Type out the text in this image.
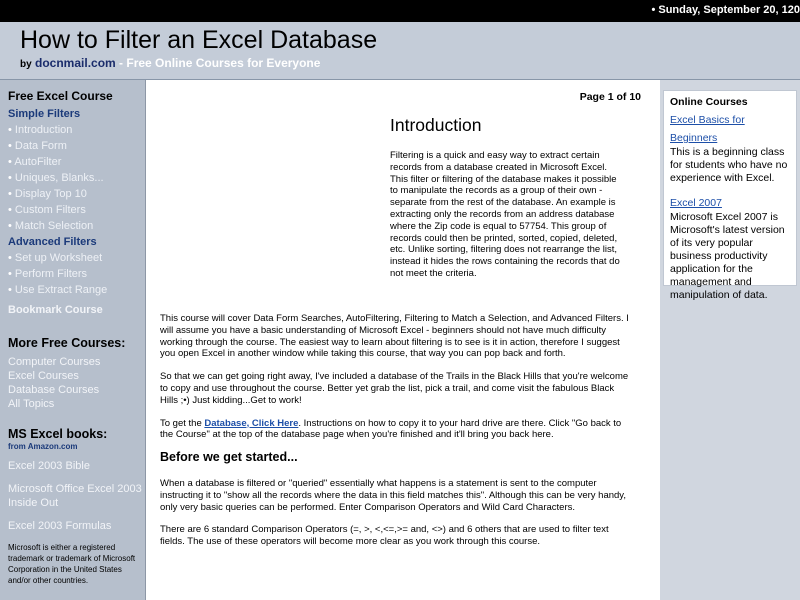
• Sunday, September 20, 120
How to Filter an Excel Database
by docnmail.com - Free Online Courses for Everyone
Free Excel Course
Simple Filters
• Introduction
• Data Form
• AutoFilter
• Uniques, Blanks...
• Display Top 10
• Custom Filters
• Match Selection
Advanced Filters
• Set up Worksheet
• Perform Filters
• Use Extract Range
Bookmark Course
More Free Courses:
Computer Courses
Excel Courses
Database Courses
All Topics
MS Excel books:
from Amazon.com
Excel 2003 Bible
Microsoft Office Excel 2003 Inside Out
Excel 2003 Formulas
Microsoft is either a registered trademark or trademark of Microsoft Corporation in the United States and/or other countries.
Page 1 of 10
Introduction
Filtering is a quick and easy way to extract certain records from a database created in Microsoft Excel. This filter or filtering of the database makes it possible to manipulate the records as a group of their own - separate from the rest of the database. An example is extracting only the records from an address database where the Zip code is equal to 57754. This group of records could then be printed, sorted, copied, deleted, etc. Unlike sorting, filtering does not rearrange the list, instead it hides the rows containing the records that do not meet the criteria.

This course will cover Data Form Searches, AutoFiltering, Filtering to Match a Selection, and Advanced Filters. I will assume you have a basic understanding of Microsoft Excel - beginners should not have much difficulty working through the course. The easiest way to learn about filtering is to see is it in action, therefore I suggest you open Excel in another window while taking this course, that way you can pop back and forth.

So that we can get going right away, I've included a database of the Trails in the Black Hills that you're welcome to copy and use throughout the course. Better yet grab the list, pick a trail, and come visit the fabulous Black Hills ;•) Just kidding...Get to work!

To get the Database, Click Here. Instructions on how to copy it to your hard drive are there. Click "Go back to the Course" at the top of the database page when you're finished and it'll bring you back here.

Before we get started...

When a database is filtered or "queried" essentially what happens is a statement is sent to the computer instructing it to "show all the records where the data in this field matches this". Although this can be very handy, only very basic queries can be performed. Enter Comparison Operators and Wild Card Characters.

There are 6 standard Comparison Operators (=, >, <,<=,>= and, <>) and 6 others that are used to filter text fields. The use of these operators will become more clear as you work through this course.

Online Courses
Excel Basics for Beginners
This is a beginning class for students who have no experience with Excel.
Excel 2007
Microsoft Excel 2007 is Microsoft's latest version of its very popular business productivity application for the management and manipulation of data.
